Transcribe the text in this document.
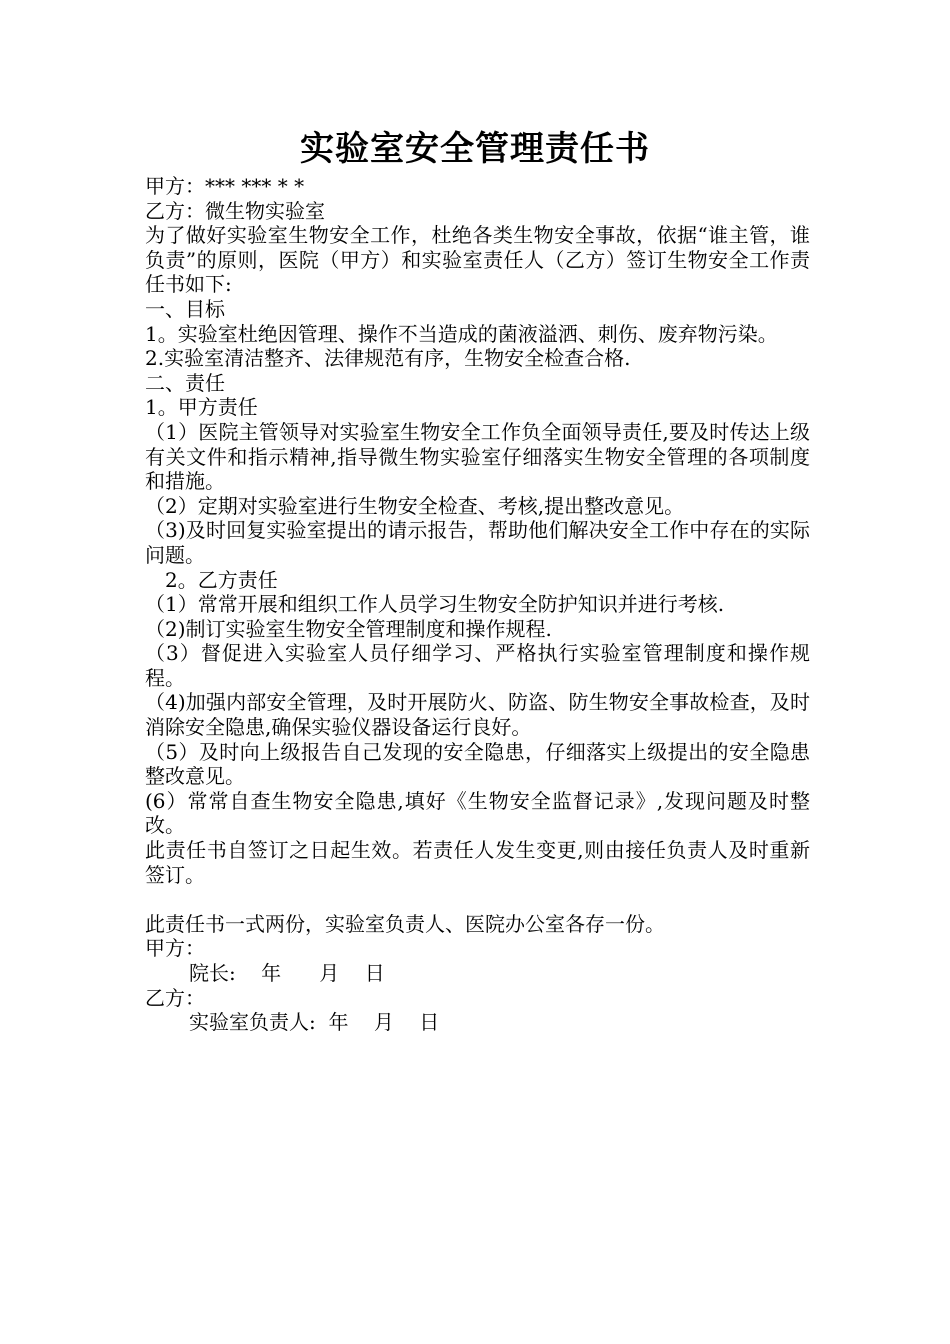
实验室安全管理责任书

甲方：*** *** * *

乙方：微生物实验室

为了做好实验室生物安全工作，杜绝各类生物安全事故，依据“谁主管，谁负责”的原则，医院（甲方）和实验室责任人（乙方）签订生物安全工作责任书如下:

一、目标

1。实验室杜绝因管理、操作不当造成的菌液溢洒、刺伤、废弃物污染。

2.实验室清洁整齐、法律规范有序，生物安全检查合格.

二、责任

1。甲方责任

（1）医院主管领导对实验室生物安全工作负全面领导责任,要及时传达上级有关文件和指示精神,指导微生物实验室仔细落实生物安全管理的各项制度和措施。

（2）定期对实验室进行生物安全检查、考核,提出整改意见。

（3)及时回复实验室提出的请示报告，帮助他们解决安全工作中存在的实际问题。

2。乙方责任

（1）常常开展和组织工作人员学习生物安全防护知识并进行考核.

（2)制订实验室生物安全管理制度和操作规程.

（3）督促进入实验室人员仔细学习、严格执行实验室管理制度和操作规程。

（4)加强内部安全管理，及时开展防火、防盗、防生物安全事故检查，及时消除安全隐患,确保实验仪器设备运行良好。

（5）及时向上级报告自己发现的安全隐患，仔细落实上级提出的安全隐患整改意见。

(6）常常自查生物安全隐患,填好《生物安全监督记录》,发现问题及时整改。

此责任书自签订之日起生效。若责任人发生变更,则由接任负责人及时重新签订。

此责任书一式两份，实验室负责人、医院办公室各存一份。

甲方：

院长:    年      月    日

乙方：

实验室负责人:  年    月    日
